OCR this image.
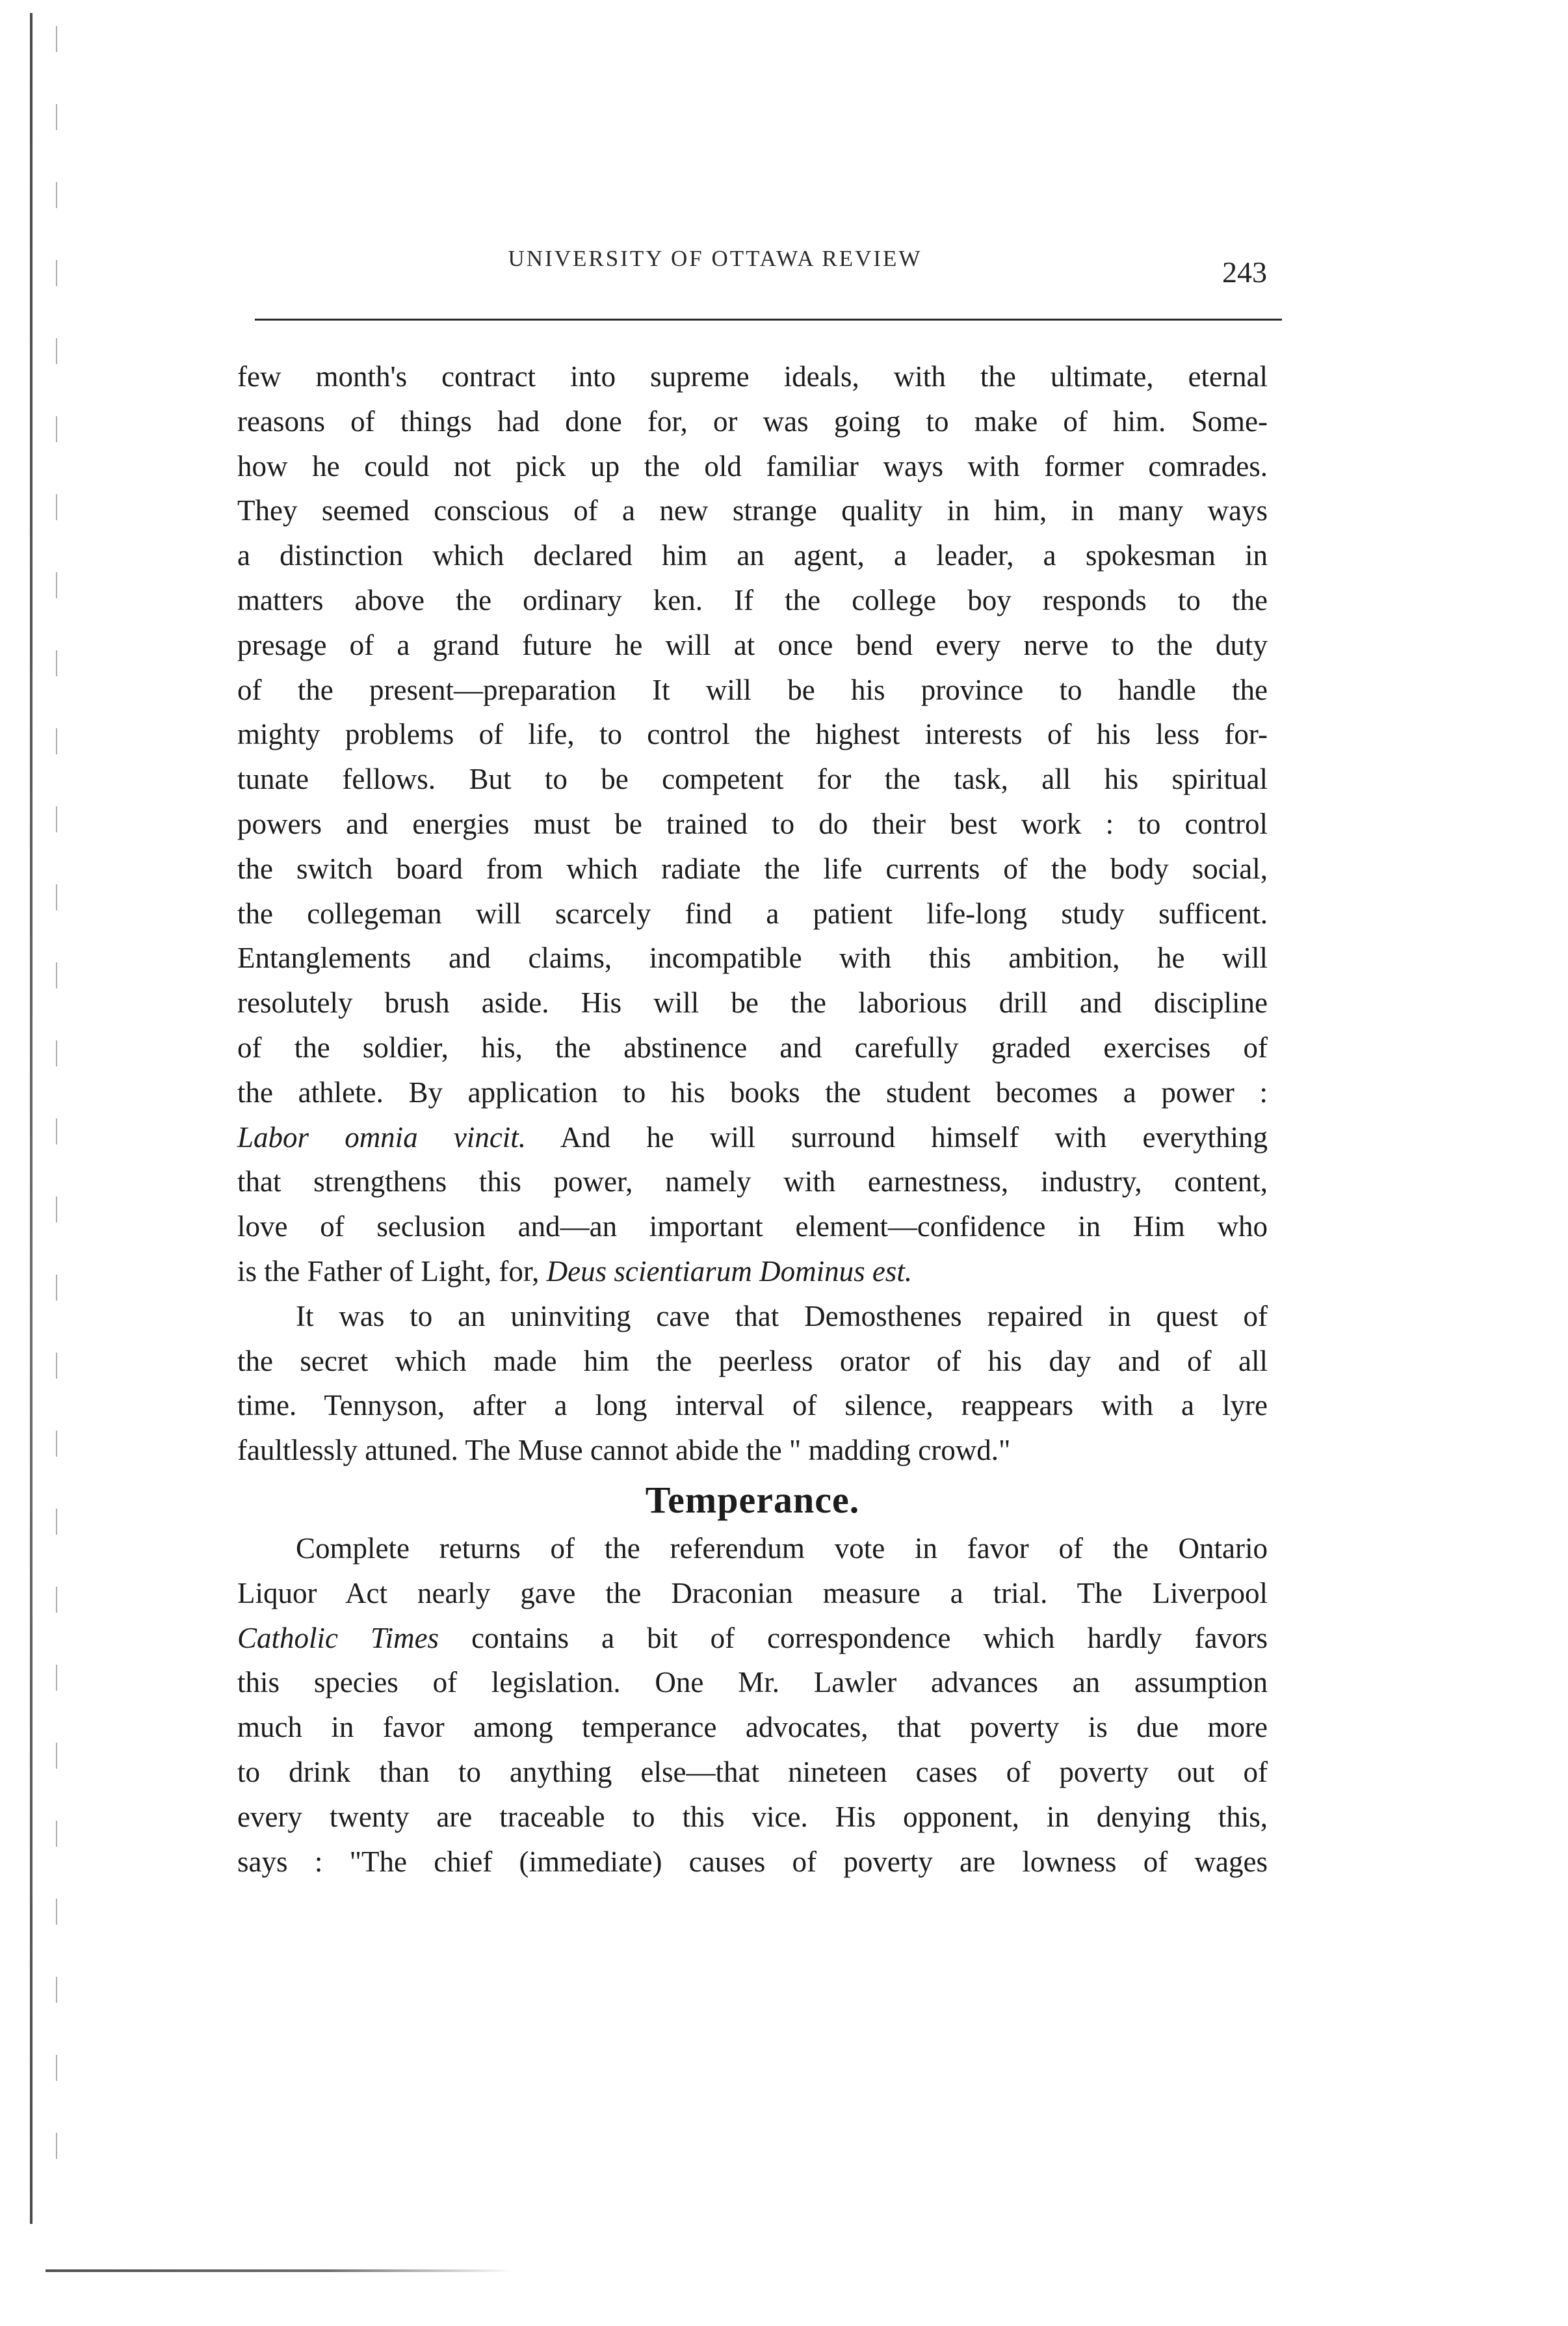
UNIVERSITY OF OTTAWA REVIEW	243
few month's contract into supreme ideals, with the ultimate, eternal
reasons of things had done for, or was going to make of him. Some-
how he could not pick up the old familiar ways with former comrades.
They seemed conscious of a new strange quality in him, in many ways
a distinction which declared him an agent, a leader, a spokesman in
matters above the ordinary ken. If the college boy responds to the
presage of a grand future he will at once bend every nerve to the duty
of the present—preparation It will be his province to handle the
mighty problems of life, to control the highest interests of his less for-
tunate fellows. But to be competent for the task, all his spiritual
powers and energies must be trained to do their best work : to control
the switch board from which radiate the life currents of the body social,
the collegeman will scarcely find a patient life-long study sufficent.
Entanglements and claims, incompatible with this ambition, he will
resolutely brush aside. His will be the laborious drill and discipline
of the soldier, his, the abstinence and carefully graded exercises of
the athlete. By application to his books the student becomes a power :
Labor omnia vincit. And he will surround himself with everything
that strengthens this power, namely with earnestness, industry, content,
love of seclusion and—an important element—confidence in Him who
is the Father of Light, for, Deus scientiarum Dominus est.
It was to an uninviting cave that Demosthenes repaired in quest of
the secret which made him the peerless orator of his day and of all
time. Tennyson, after a long interval of silence, reappears with a lyre
faultlessly attuned. The Muse cannot abide the " madding crowd."
Temperance.
Complete returns of the referendum vote in favor of the Ontario
Liquor Act nearly gave the Draconian measure a trial. The Liverpool
Catholic Times contains a bit of correspondence which hardly favors
this species of legislation. One Mr. Lawler advances an assumption
much in favor among temperance advocates, that poverty is due more
to drink than to anything else—that nineteen cases of poverty out of
every twenty are traceable to this vice. His opponent, in denying this,
says : "The chief (immediate) causes of poverty are lowness of wages
